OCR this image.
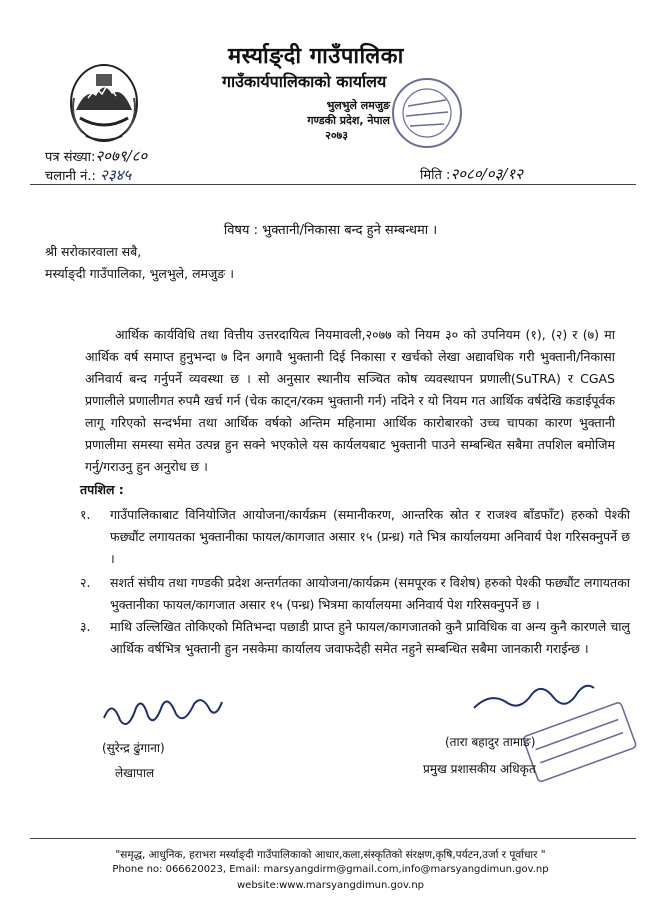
मर्स्याङ्दी गाउँपालिका
गाउँकार्यपालिकाको कार्यालय
भुलभुले लमजुङ
गण्डकी प्रदेश, नेपाल
२०७३
पत्र संख्या:२०७९/८०
चलानी नं.: २३४५	मिति :२०८०/०३/१२
विषय : भुक्तानी/निकासा बन्द हुने सम्बन्धमा ।
श्री सरोकारवाला सबै,
मर्स्याङ्दी गाउँपालिका, भुलभुले, लमजुङ ।
आर्थिक कार्यविधि तथा वित्तीय उत्तरदायित्व नियमावली,२०७७ को नियम ३० को उपनियम (१), (२) र (७) मा आर्थिक वर्ष समाप्त हुनुभन्दा ७ दिन अगावै भुक्तानी दिई निकासा र खर्चको लेखा अद्यावधिक गरी भुक्तानी/निकासा अनिवार्य बन्द गर्नुपर्ने व्यवस्था छ । सो अनुसार स्थानीय सञ्चित कोष व्यवस्थापन प्रणाली(SuTRA) र CGAS प्रणालीले प्रणालीगत रुपमै खर्च गर्न (चेक काट्न/रकम भुक्तानी गर्न) नदिने र यो नियम गत आर्थिक वर्षदेखि कडाईपूर्वक लागू गरिएको सन्दर्भमा तथा आर्थिक वर्षको अन्तिम महिनामा आर्थिक कारोबारको उच्च चापका कारण भुक्तानी प्रणालीमा समस्या समेत उत्पन्न हुन सक्ने भएकोले यस कार्यलयबाट भुक्तानी पाउने सम्बन्धित सबैमा तपशिल बमोजिम गर्नु/गराउनु हुन अनुरोध छ ।
तपशिल :
१. गाउँपालिकाबाट विनियोजित आयोजना/कार्यक्रम (समानीकरण, आन्तरिक स्रोत र राजश्व बाँडफाँट) हरुको पेश्की फछ्यौंट लगायतका भुक्तानीका फायल/कागजात असार १५ (प्रन्ध्र) गते भित्र कार्यालयमा अनिवार्य पेश गरिसक्नुपर्ने छ ।
२. सशर्त संघीय तथा गण्डकी प्रदेश अन्तर्गतका आयोजना/कार्यक्रम (समपूरक र विशेष) हरुको पेश्की फछ्यौंट लगायतका भुक्तानीका फायल/कागजात असार १५ (पन्ध्र) भित्रमा कार्यालयमा अनिवार्य पेश गरिसक्नुपर्ने छ ।
३. माथि उल्लिखित तोकिएको मितिभन्दा पछाडी प्राप्त हुने फायल/कागजातको कुनै प्राविधिक वा अन्य कुनै कारणले चालु आर्थिक वर्षभित्र भुक्तानी हुन नसकेमा कार्यालय जवाफदेही समेत नहुने सम्बन्धित सबैमा जानकारी गराईन्छ ।
(सुरेन्द्र ढुंगाना)
लेखापाल
(तारा बहादुर तामाङ)
प्रमुख प्रशासकीय अधिकृत
"समृद्ध, आधुनिक, हराभरा मर्स्याङ्दी गाउँपालिकाको आधार,कला,संस्कृतिको संरक्षण,कृषि,पर्यटन,उर्जा र पूर्वाधार "
Phone no: 066620023, Email: marsyangdirm@gmail.com,info@marsyangdimun.gov.np
website:www.marsyangdimun.gov.np
